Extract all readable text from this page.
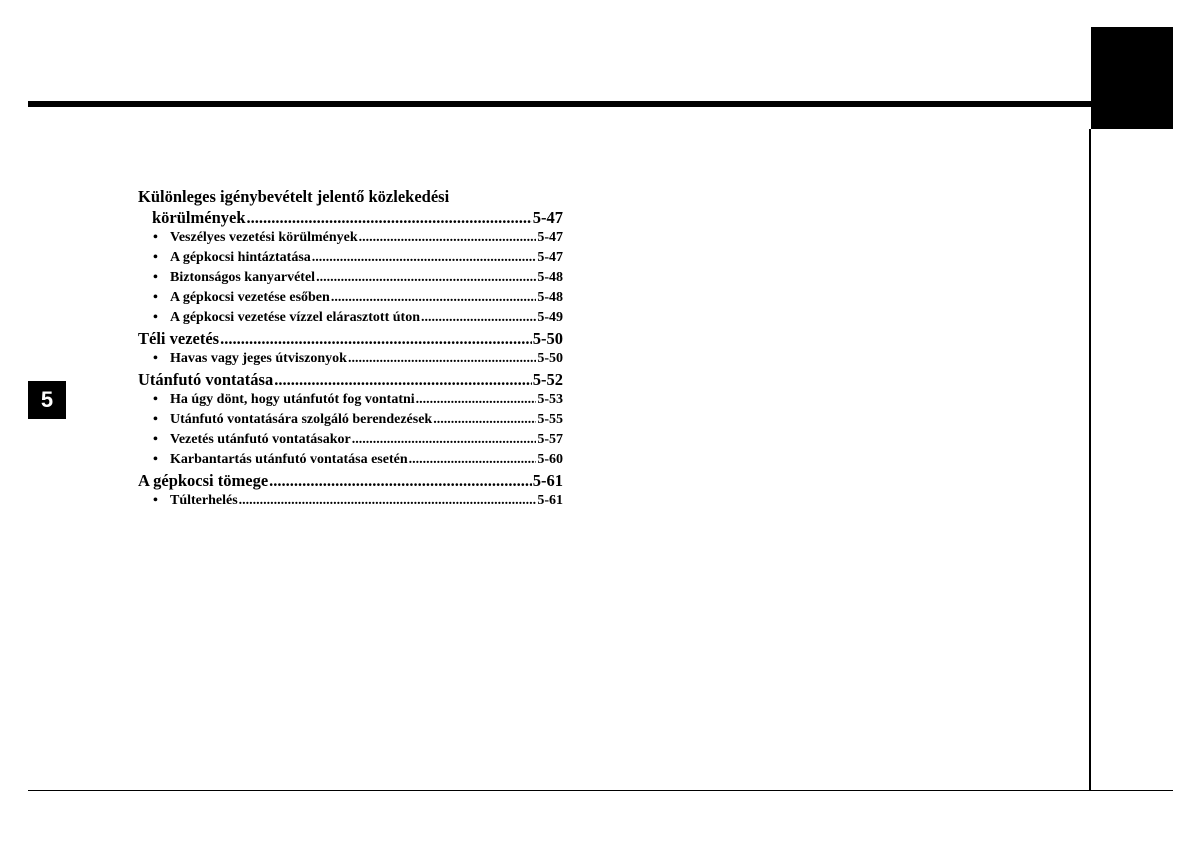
5
Különleges igénybevételt jelentő közlekedési
körülmények .....	5-47
• Veszélyes vezetési körülmények .....	5-47
• A gépkocsi hintáztatása .....	5-47
• Biztonságos kanyarvétel .....	5-48
• A gépkocsi vezetése esőben .....	5-48
• A gépkocsi vezetése vízzel elárasztott úton .....	5-49
Téli vezetés .....	5-50
• Havas vagy jeges útviszonyok .....	5-50
Utánfutó vontatása .....	5-52
• Ha úgy dönt, hogy utánfutót fog vontatni .....	5-53
• Utánfutó vontatására szolgáló berendezések .....	5-55
• Vezetés utánfutó vontatásakor .....	5-57
• Karbantartás utánfutó vontatása esetén .....	5-60
A gépkocsi tömege .....	5-61
• Túlterhelés .....	5-61
